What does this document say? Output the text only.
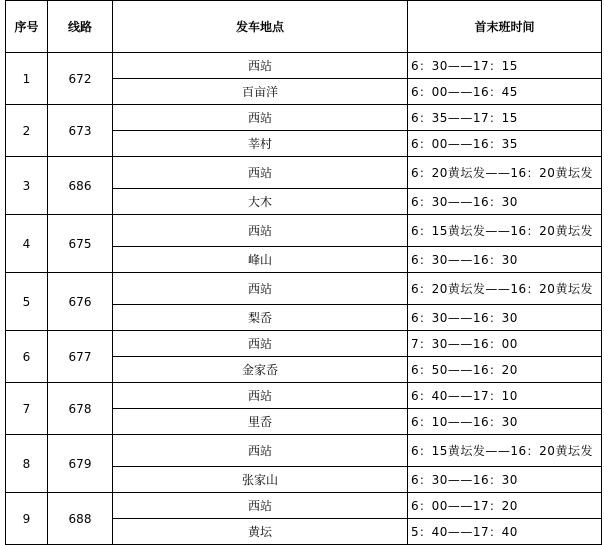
序号	线路	发车地点	首末班时间
1	672	西站	6：30——17：15
		百亩洋	6：00——16：45
2	673	西站	6：35——17：15
		莘村	6：00——16：35
3	686	西站	6：20黄坛发——16：20黄坛发
		大木	6：30——16：30
4	675	西站	6：15黄坛发——16：20黄坛发
		峰山	6：30——16：30
5	676	西站	6：20黄坛发——16：20黄坛发
		梨岙	6：30——16：30
6	677	西站	7：30——16：00
		金家岙	6：50——16：20
7	678	西站	6：40——17：10
		里岙	6：10——16：30
8	679	西站	6：15黄坛发——16：20黄坛发
		张家山	6：30——16：30
9	688	西站	6：00——17：20
		黄坛	5：40——17：40
